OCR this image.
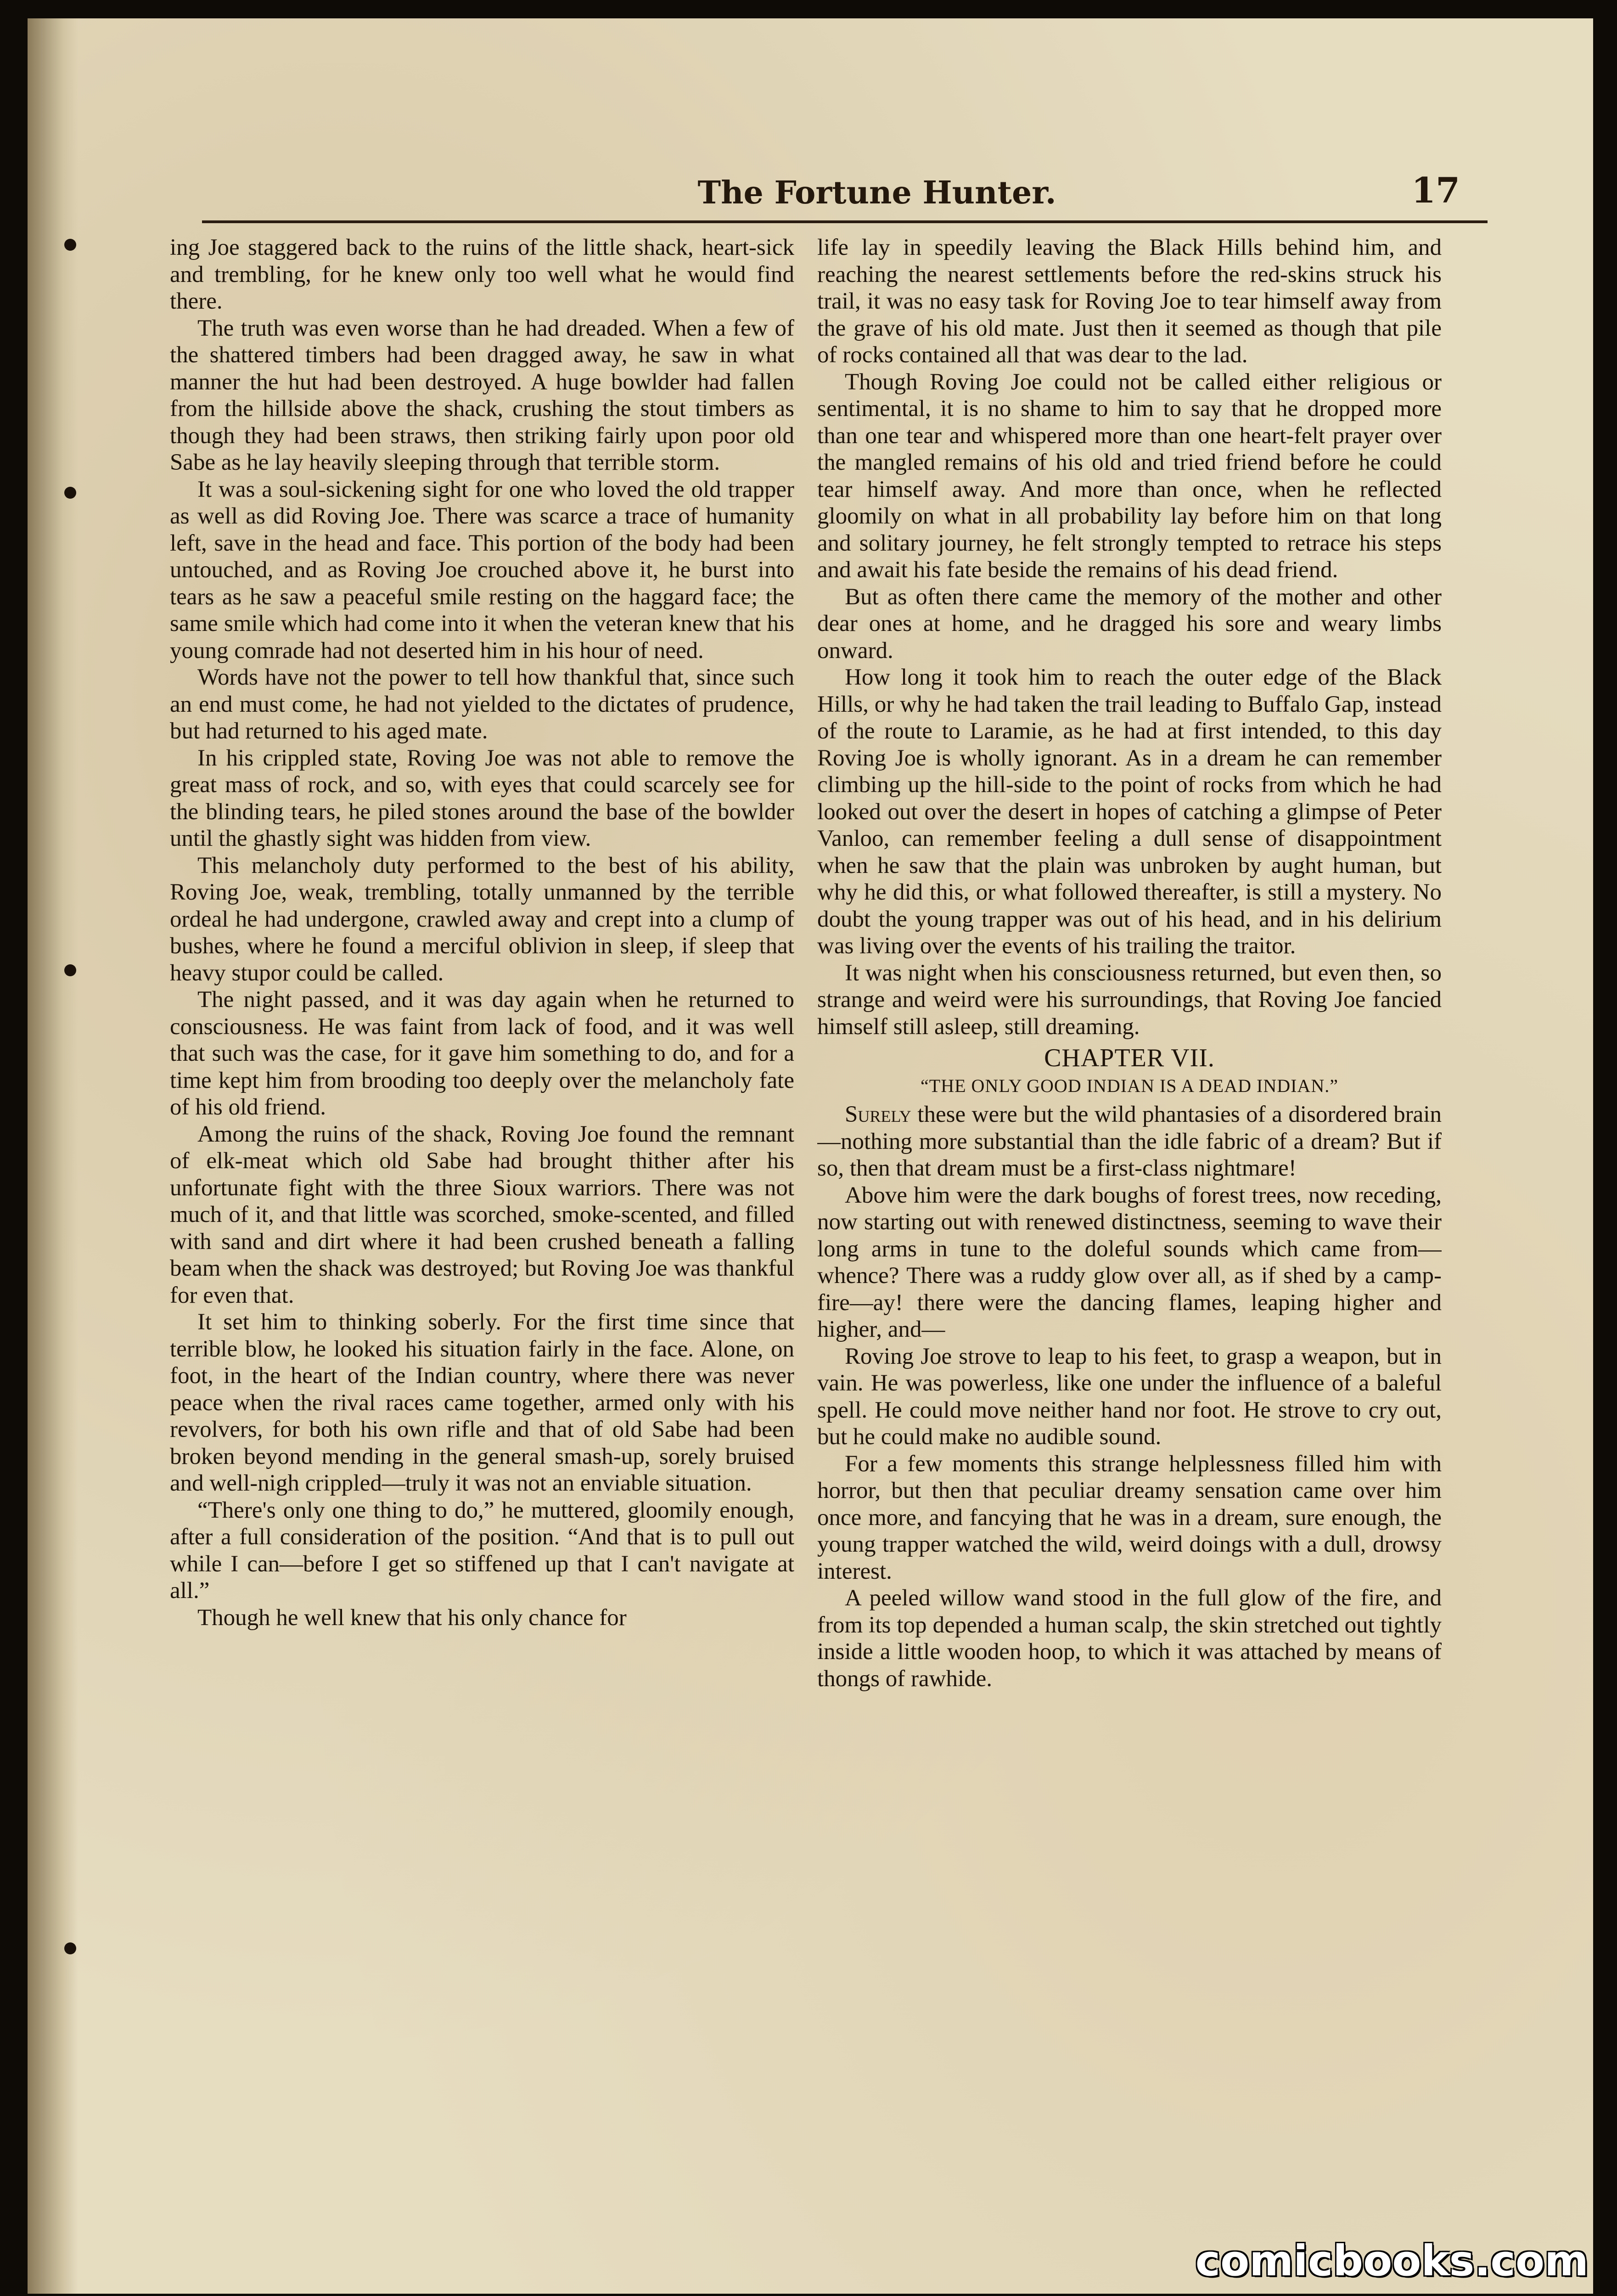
The Fortune Hunter.	17

ing Joe staggered back to the ruins of the little shack, heart-sick and trembling, for he knew only too well what he would find there.

The truth was even worse than he had dreaded. When a few of the shattered timbers had been dragged away, he saw in what manner the hut had been destroyed. A huge bowlder had fallen from the hillside above the shack, crushing the stout timbers as though they had been straws, then striking fairly upon poor old Sabe as he lay heavily sleeping through that terrible storm.

It was a soul-sickening sight for one who loved the old trapper as well as did Roving Joe. There was scarce a trace of humanity left, save in the head and face. This portion of the body had been untouched, and as Roving Joe crouched above it, he burst into tears as he saw a peaceful smile resting on the haggard face; the same smile which had come into it when the veteran knew that his young comrade had not deserted him in his hour of need.

Words have not the power to tell how thankful that, since such an end must come, he had not yielded to the dictates of prudence, but had returned to his aged mate.

In his crippled state, Roving Joe was not able to remove the great mass of rock, and so, with eyes that could scarcely see for the blinding tears, he piled stones around the base of the bowlder until the ghastly sight was hidden from view.

This melancholy duty performed to the best of his ability, Roving Joe, weak, trembling, totally unmanned by the terrible ordeal he had undergone, crawled away and crept into a clump of bushes, where he found a merciful oblivion in sleep, if sleep that heavy stupor could be called.

The night passed, and it was day again when he returned to consciousness. He was faint from lack of food, and it was well that such was the case, for it gave him something to do, and for a time kept him from brooding too deeply over the melancholy fate of his old friend.

Among the ruins of the shack, Roving Joe found the remnant of elk-meat which old Sabe had brought thither after his unfortunate fight with the three Sioux warriors. There was not much of it, and that little was scorched, smoke-scented, and filled with sand and dirt where it had been crushed beneath a falling beam when the shack was destroyed; but Roving Joe was thankful for even that.

It set him to thinking soberly. For the first time since that terrible blow, he looked his situation fairly in the face. Alone, on foot, in the heart of the Indian country, where there was never peace when the rival races came together, armed only with his revolvers, for both his own rifle and that of old Sabe had been broken beyond mending in the general smash-up, sorely bruised and well-nigh crippled—truly it was not an enviable situation.

“There's only one thing to do,” he muttered, gloomily enough, after a full consideration of the position. “And that is to pull out while I can—before I get so stiffened up that I can't navigate at all.”

Though he well knew that his only chance for

life lay in speedily leaving the Black Hills behind him, and reaching the nearest settlements before the red-skins struck his trail, it was no easy task for Roving Joe to tear himself away from the grave of his old mate. Just then it seemed as though that pile of rocks contained all that was dear to the lad.

Though Roving Joe could not be called either religious or sentimental, it is no shame to him to say that he dropped more than one tear and whispered more than one heart-felt prayer over the mangled remains of his old and tried friend before he could tear himself away. And more than once, when he reflected gloomily on what in all probability lay before him on that long and solitary journey, he felt strongly tempted to retrace his steps and await his fate beside the remains of his dead friend.

But as often there came the memory of the mother and other dear ones at home, and he dragged his sore and weary limbs onward.

How long it took him to reach the outer edge of the Black Hills, or why he had taken the trail leading to Buffalo Gap, instead of the route to Laramie, as he had at first intended, to this day Roving Joe is wholly ignorant. As in a dream he can remember climbing up the hill-side to the point of rocks from which he had looked out over the desert in hopes of catching a glimpse of Peter Vanloo, can remember feeling a dull sense of disappointment when he saw that the plain was unbroken by aught human, but why he did this, or what followed thereafter, is still a mystery. No doubt the young trapper was out of his head, and in his delirium was living over the events of his trailing the traitor.

It was night when his consciousness returned, but even then, so strange and weird were his surroundings, that Roving Joe fancied himself still asleep, still dreaming.

CHAPTER VII.
“THE ONLY GOOD INDIAN IS A DEAD INDIAN.”

Surely these were but the wild phantasies of a disordered brain—nothing more substantial than the idle fabric of a dream? But if so, then that dream must be a first-class nightmare!

Above him were the dark boughs of forest trees, now receding, now starting out with renewed distinctness, seeming to wave their long arms in tune to the doleful sounds which came from—whence? There was a ruddy glow over all, as if shed by a camp-fire—ay! there were the dancing flames, leaping higher and higher, and—

Roving Joe strove to leap to his feet, to grasp a weapon, but in vain. He was powerless, like one under the influence of a baleful spell. He could move neither hand nor foot. He strove to cry out, but he could make no audible sound.

For a few moments this strange helplessness filled him with horror, but then that peculiar dreamy sensation came over him once more, and fancying that he was in a dream, sure enough, the young trapper watched the wild, weird doings with a dull, drowsy interest.

A peeled willow wand stood in the full glow of the fire, and from its top depended a human scalp, the skin stretched out tightly inside a little wooden hoop, to which it was attached by means of thongs of rawhide.

comicbooks.com
